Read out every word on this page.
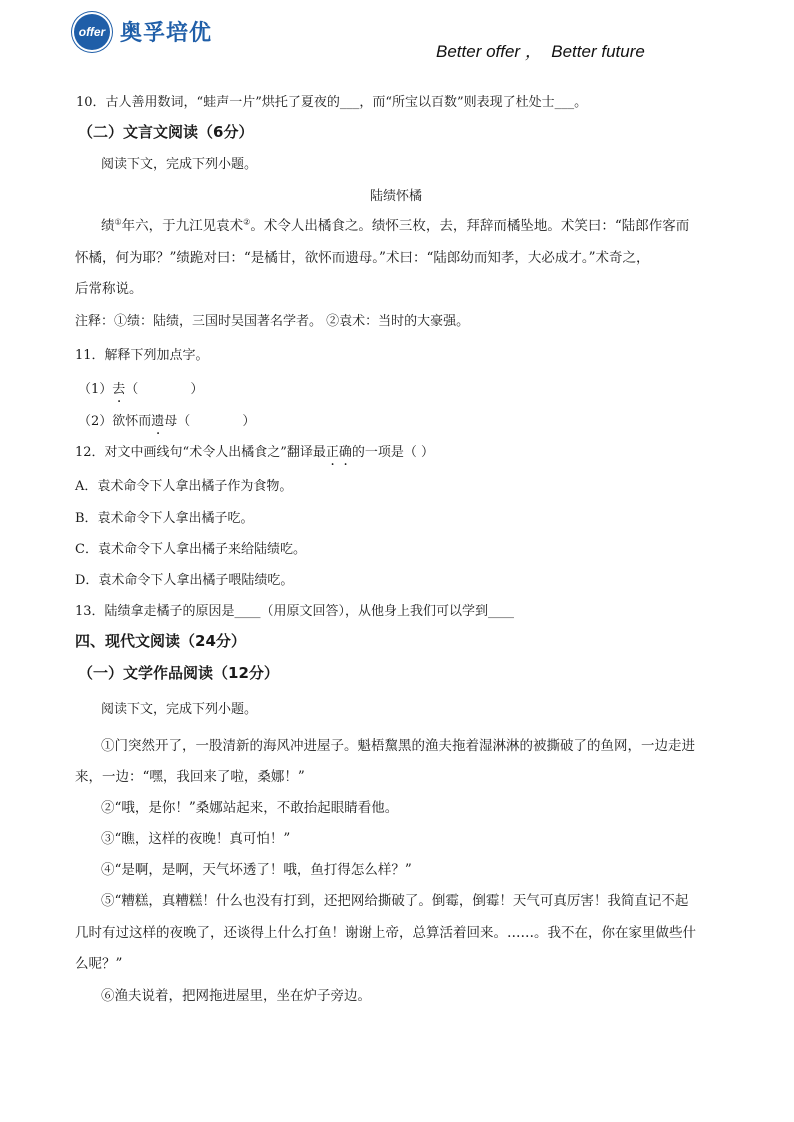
offer 奥孚培优
Better offer ，  Better future
10．古人善用数词，“蛙声一片”烘托了夏夜的___，而“所宝以百数”则表现了杜处士___。
（二）文言文阅读（6分）
阅读下文，完成下列小题。
陆绩怀橘
绩①年六，于九江见袁术②。术令人出橘食之。绩怀三枚，去，拜辞而橘坠地。术笑曰：“陆郎作客而
怀橘，何为耶？”绩跪对曰：“是橘甘，欲怀而遗母。”术曰：“陆郎幼而知孝，大必成才。”术奇之，
后常称说。
注释：①绩：陆绩，三国时吴国著名学者。 ②袁术：当时的大豪强。
11．解释下列加点字。
（1）去（	）
（2）欲怀而遗母（	）
12．对文中画线句“术令人出橘食之”翻译最正确的一项是（ ）
A．袁术命令下人拿出橘子作为食物。
B．袁术命令下人拿出橘子吃。
C．袁术命令下人拿出橘子来给陆绩吃。
D．袁术命令下人拿出橘子喂陆绩吃。
13．陆绩拿走橘子的原因是____（用原文回答），从他身上我们可以学到____
四、现代文阅读（24分）
（一）文学作品阅读（12分）
阅读下文，完成下列小题。
①门突然开了，一股清新的海风冲进屋子。魁梧黧黑的渔夫拖着湿淋淋的被撕破了的鱼网，一边走进
来，一边：“嘿，我回来了啦，桑娜！”
②“哦，是你！”桑娜站起来，不敢抬起眼睛看他。
③“瞧，这样的夜晚！真可怕！”
④“是啊，是啊，天气坏透了！哦，鱼打得怎么样？”
⑤“糟糕，真糟糕！什么也没有打到，还把网给撕破了。倒霉，倒霉！天气可真厉害！我简直记不起
几时有过这样的夜晚了，还谈得上什么打鱼！谢谢上帝，总算活着回来。……。我不在，你在家里做些什
么呢？”
⑥渔夫说着，把网拖进屋里，坐在炉子旁边。
